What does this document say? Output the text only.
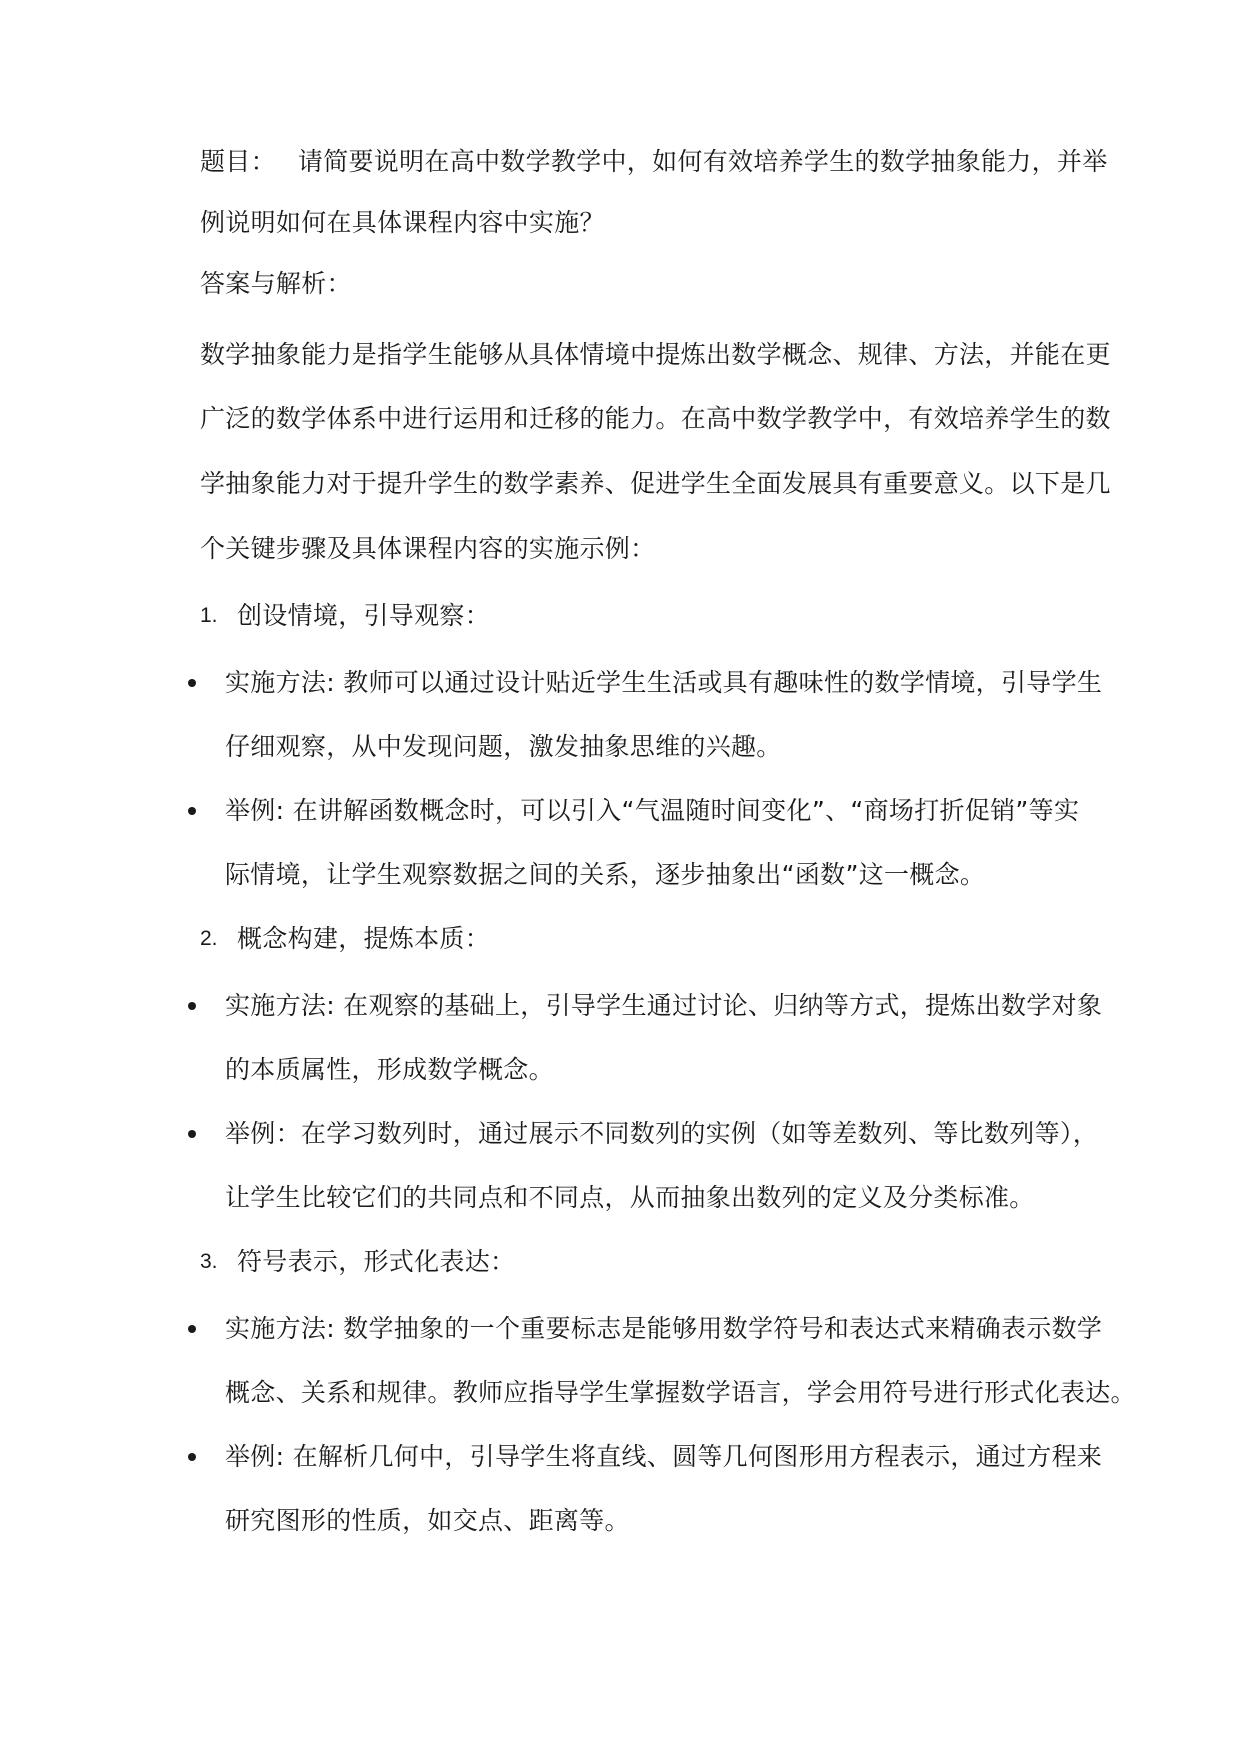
题目： 请简要说明在高中数学教学中，如何有效培养学生的数学抽象能力，并举
例说明如何在具体课程内容中实施？
答案与解析：
数学抽象能力是指学生能够从具体情境中提炼出数学概念、规律、方法，并能在更
广泛的数学体系中进行运用和迁移的能力。在高中数学教学中，有效培养学生的数
学抽象能力对于提升学生的数学素养、促进学生全面发展具有重要意义。以下是几
个关键步骤及具体课程内容的实施示例：
1. 创设情境，引导观察：
实施方法: 教师可以通过设计贴近学生生活或具有趣味性的数学情境，引导学生
仔细观察，从中发现问题，激发抽象思维的兴趣。
举例: 在讲解函数概念时，可以引入“气温随时间变化”、“商场打折促销”等实
际情境，让学生观察数据之间的关系，逐步抽象出“函数”这一概念。
2. 概念构建，提炼本质：
实施方法: 在观察的基础上，引导学生通过讨论、归纳等方式，提炼出数学对象
的本质属性，形成数学概念。
举例：在学习数列时，通过展示不同数列的实例（如等差数列、等比数列等），
让学生比较它们的共同点和不同点，从而抽象出数列的定义及分类标准。
3. 符号表示，形式化表达：
实施方法: 数学抽象的一个重要标志是能够用数学符号和表达式来精确表示数学
概念、关系和规律。教师应指导学生掌握数学语言，学会用符号进行形式化表达。
举例: 在解析几何中，引导学生将直线、圆等几何图形用方程表示，通过方程来
研究图形的性质，如交点、距离等。
